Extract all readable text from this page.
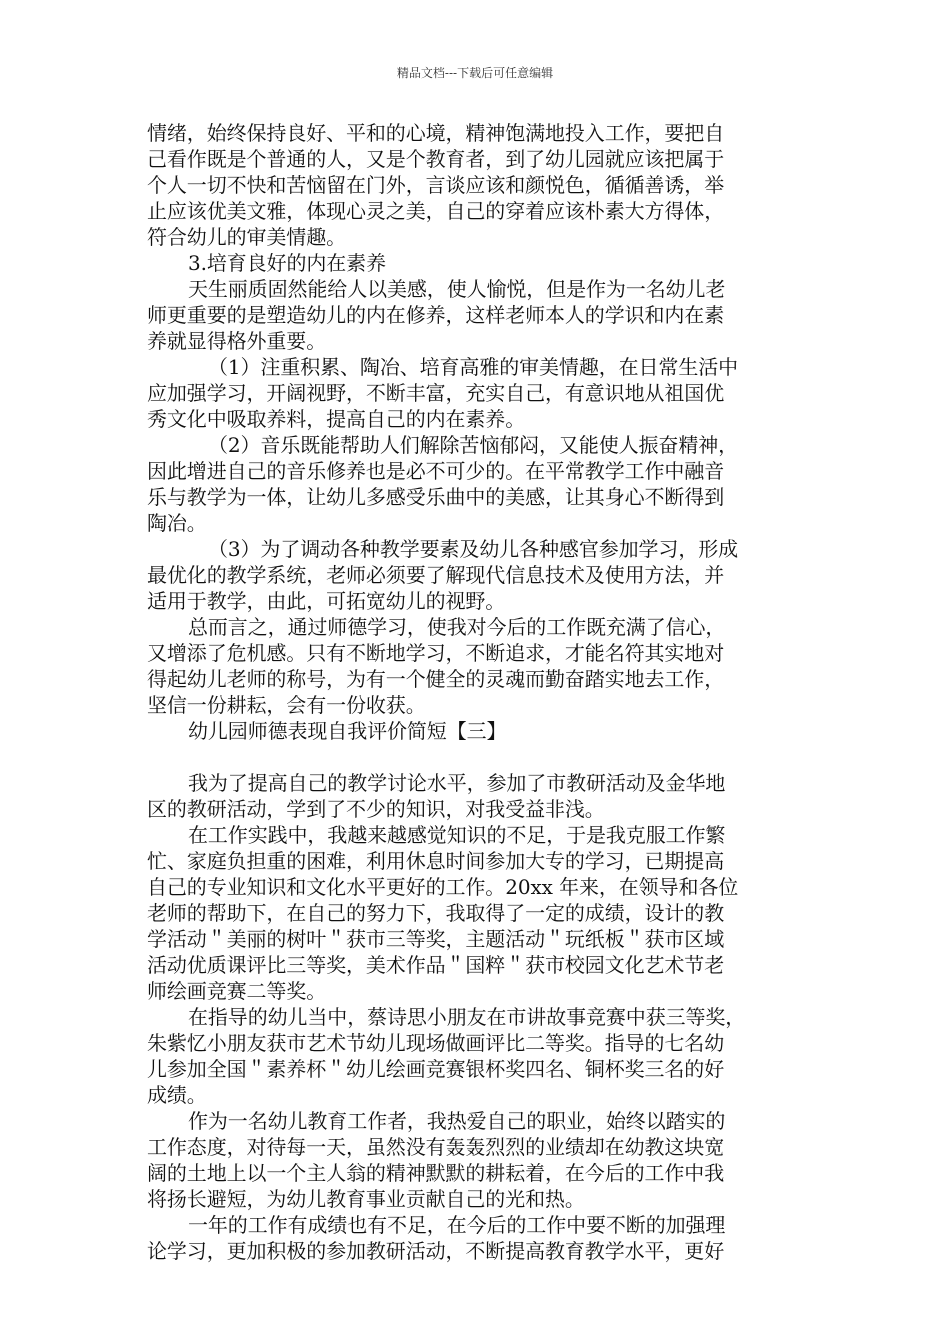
精品文档---下载后可任意编辑
情绪，始终保持良好、平和的心境，精神饱满地投入工作，要把自
己看作既是个普通的人，又是个教育者，到了幼儿园就应该把属于
个人一切不快和苦恼留在门外，言谈应该和颜悦色，循循善诱，举
止应该优美文雅，体现心灵之美，自己的穿着应该朴素大方得体，
符合幼儿的审美情趣。
3.培育良好的内在素养
天生丽质固然能给人以美感，使人愉悦，但是作为一名幼儿老
师更重要的是塑造幼儿的内在修养，这样老师本人的学识和内在素
养就显得格外重要。
（1）注重积累、陶冶、培育高雅的审美情趣，在日常生活中
应加强学习，开阔视野，不断丰富，充实自己，有意识地从祖国优
秀文化中吸取养料，提高自己的内在素养。
（2）音乐既能帮助人们解除苦恼郁闷，又能使人振奋精神，
因此增进自己的音乐修养也是必不可少的。在平常教学工作中融音
乐与教学为一体，让幼儿多感受乐曲中的美感，让其身心不断得到
陶冶。
（3）为了调动各种教学要素及幼儿各种感官参加学习，形成
最优化的教学系统，老师必须要了解现代信息技术及使用方法，并
适用于教学，由此，可拓宽幼儿的视野。
总而言之，通过师德学习，使我对今后的工作既充满了信心，
又增添了危机感。只有不断地学习，不断追求，才能名符其实地对
得起幼儿老师的称号，为有一个健全的灵魂而勤奋踏实地去工作，
坚信一份耕耘，会有一份收获。
幼儿园师德表现自我评价简短【三】
我为了提高自己的教学讨论水平，参加了市教研活动及金华地
区的教研活动，学到了不少的知识，对我受益非浅。
在工作实践中，我越来越感觉知识的不足，于是我克服工作繁
忙、家庭负担重的困难，利用休息时间参加大专的学习，已期提高
自己的专业知识和文化水平更好的工作。20xx 年来，在领导和各位
老师的帮助下，在自己的努力下，我取得了一定的成绩，设计的教
学活动＂美丽的树叶＂获市三等奖，主题活动＂玩纸板＂获市区域
活动优质课评比三等奖，美术作品＂国粹＂获市校园文化艺术节老
师绘画竞赛二等奖。
在指导的幼儿当中，蔡诗思小朋友在市讲故事竞赛中获三等奖，
朱紫忆小朋友获市艺术节幼儿现场做画评比二等奖。指导的七名幼
儿参加全国＂素养杯＂幼儿绘画竞赛银杯奖四名、铜杯奖三名的好
成绩。
作为一名幼儿教育工作者，我热爱自己的职业，始终以踏实的
工作态度，对待每一天，虽然没有轰轰烈烈的业绩却在幼教这块宽
阔的土地上以一个主人翁的精神默默的耕耘着，在今后的工作中我
将扬长避短，为幼儿教育事业贡献自己的光和热。
一年的工作有成绩也有不足，在今后的工作中要不断的加强理
论学习，更加积极的参加教研活动，不断提高教育教学水平，更好
